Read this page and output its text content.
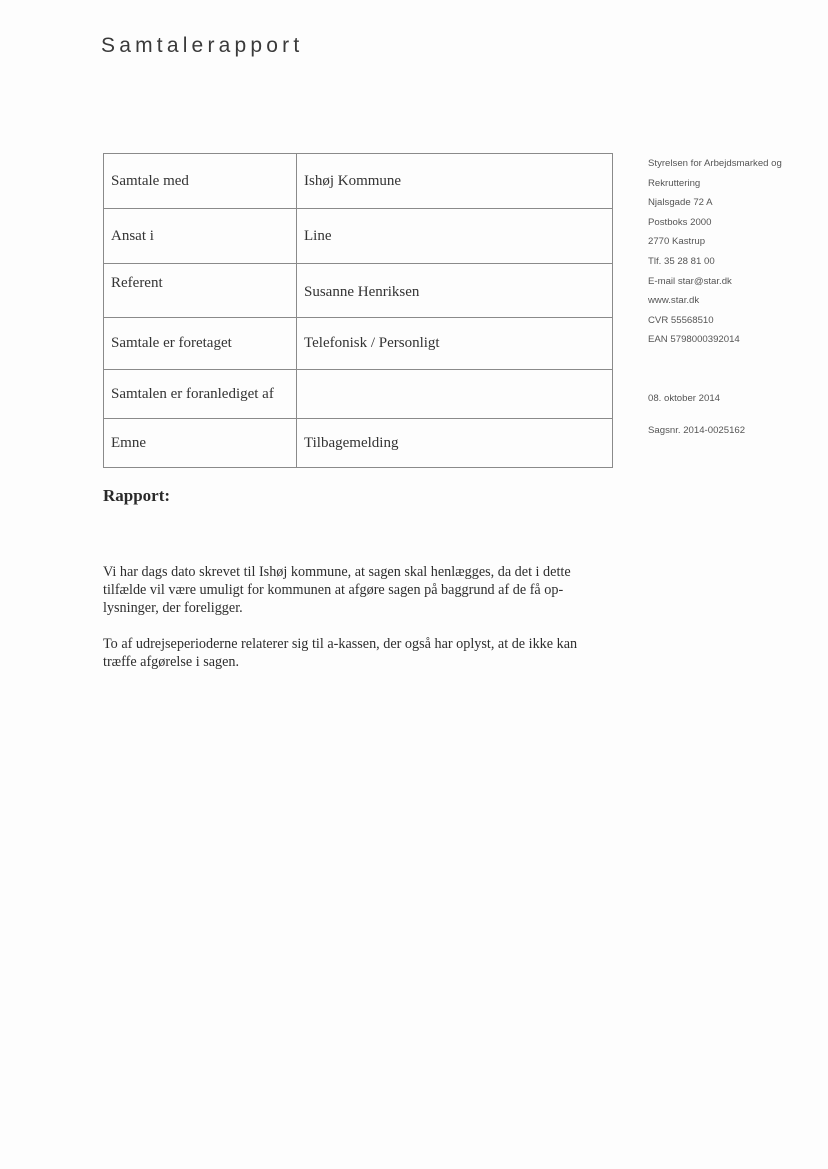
Samtalerapport
Samtale med	Ishøj Kommune
Ansat i	Line
Referent	Susanne Henriksen
Samtale er foretaget	Telefonisk / Personligt
Samtalen er foranlediget af	
Emne	Tilbagemelding
Styrelsen for Arbejdsmarked og
Rekruttering
Njalsgade 72 A
Postboks 2000
2770 Kastrup
Tlf. 35 28 81 00
E-mail star@star.dk
www.star.dk
CVR 55568510
EAN 5798000392014
08. oktober 2014
Sagsnr. 2014-0025162
Rapport:

Vi har dags dato skrevet til Ishøj kommune, at sagen skal henlægges, da det i dette
tilfælde vil være umuligt for kommunen at afgøre sagen på baggrund af de få op-
lysninger, der foreligger.

To af udrejseperioderne relaterer sig til a-kassen, der også har oplyst, at de ikke kan
træffe afgørelse i sagen.
